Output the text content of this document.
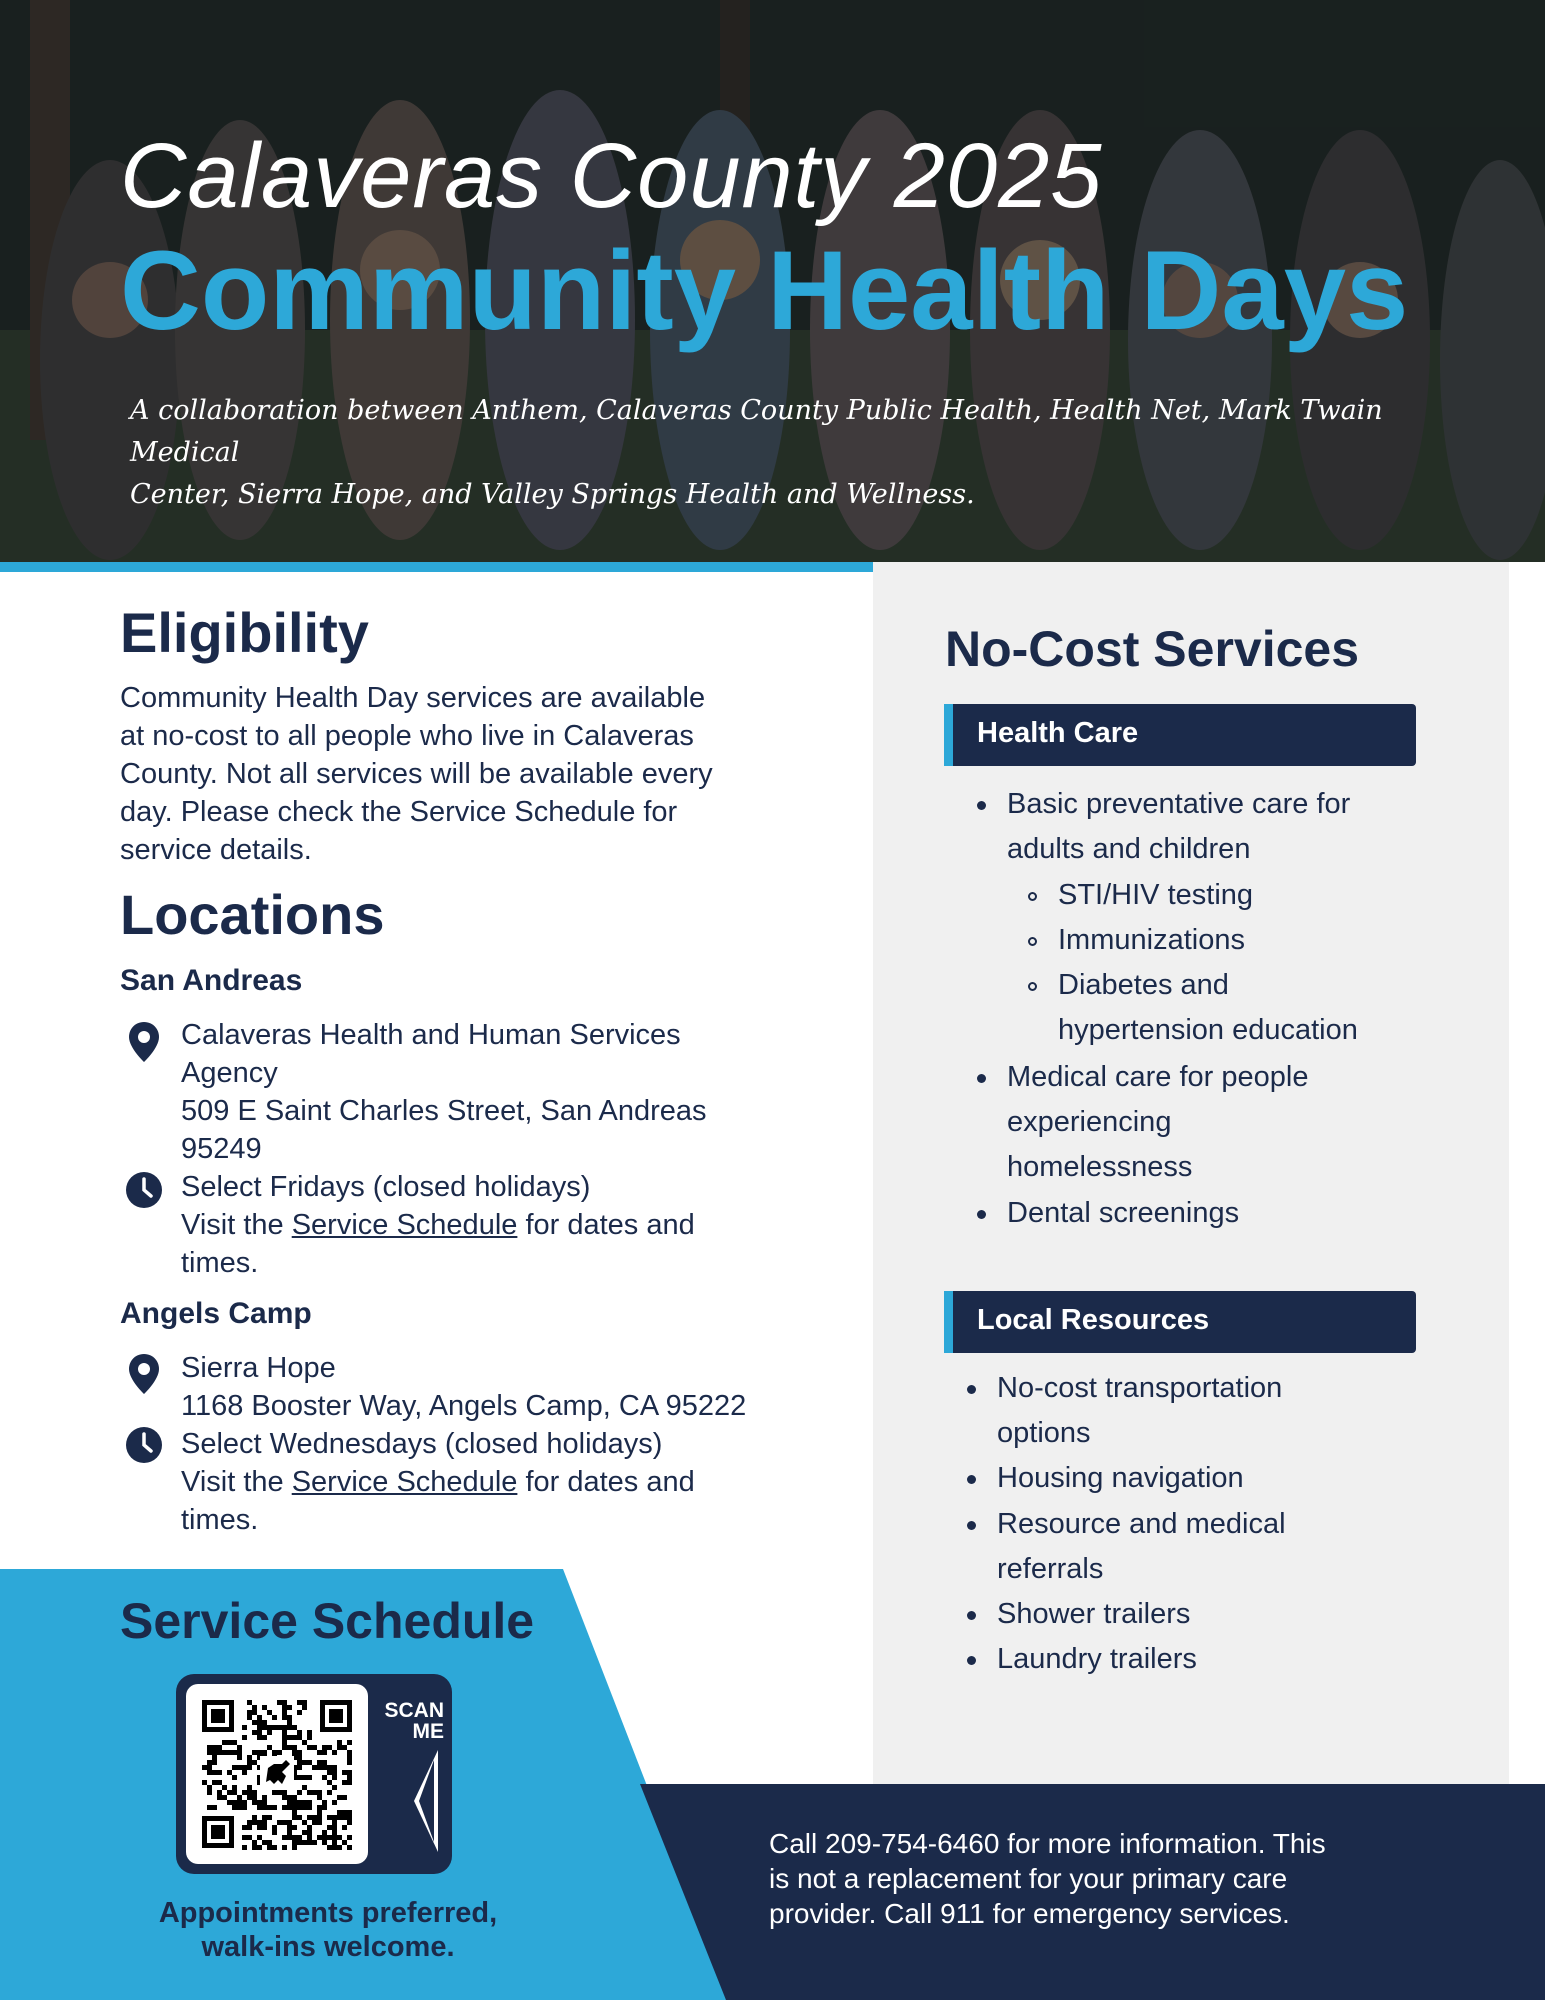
Calaveras County 2025
Community Health Days
A collaboration between Anthem, Calaveras County Public Health, Health Net, Mark Twain Medical
Center, Sierra Hope, and Valley Springs Health and Wellness.
Eligibility
Community Health Day services are available
at no-cost to all people who live in Calaveras
County. Not all services will be available every
day. Please check the Service Schedule for
service details.
Locations
San Andreas
Calaveras Health and Human Services
Agency
509 E Saint Charles Street, San Andreas
95249
Select Fridays (closed holidays)
Visit the Service Schedule for dates and
times.
Angels Camp
Sierra Hope
1168 Booster Way, Angels Camp, CA 95222
Select Wednesdays (closed holidays)
Visit the Service Schedule for dates and
times.
Service Schedule
SCAN
ME
Appointments preferred,
walk-ins welcome.
Call 209-754-6460 for more information. This
is not a replacement for your primary care
provider. Call 911 for emergency services.
No-Cost Services
Health Care
Basic preventative care for
adults and children
STI/HIV testing
Immunizations
Diabetes and
hypertension education
Medical care for people
experiencing
homelessness
Dental screenings
Local Resources
No-cost transportation
options
Housing navigation
Resource and medical
referrals
Shower trailers
Laundry trailers
